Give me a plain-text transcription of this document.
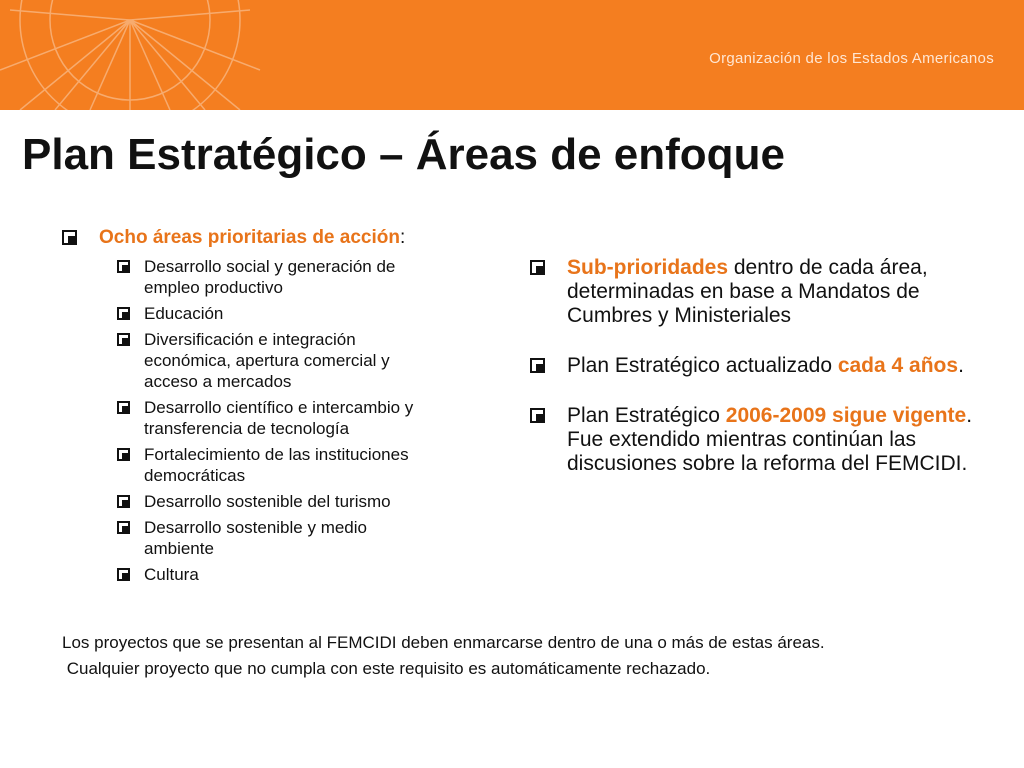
Organización de los Estados Americanos
Plan Estratégico – Áreas de enfoque
Ocho áreas prioritarias de acción:
Desarrollo social y generación de
empleo productivo
Educación
Diversificación e integración
económica, apertura comercial y
acceso a mercados
Desarrollo científico e intercambio y
transferencia de tecnología
Fortalecimiento de las instituciones
democráticas
Desarrollo sostenible del turismo
Desarrollo sostenible y medio
ambiente
Cultura
Sub-prioridades dentro de cada área, determinadas en base a Mandatos de Cumbres y Ministeriales
Plan Estratégico actualizado cada 4 años.
Plan Estratégico 2006-2009 sigue vigente. Fue extendido mientras continúan las discusiones sobre la reforma del FEMCIDI.
Los proyectos que se presentan al FEMCIDI deben enmarcarse dentro de una o más de estas áreas.
Cualquier proyecto que no cumpla con este requisito es automáticamente rechazado.
